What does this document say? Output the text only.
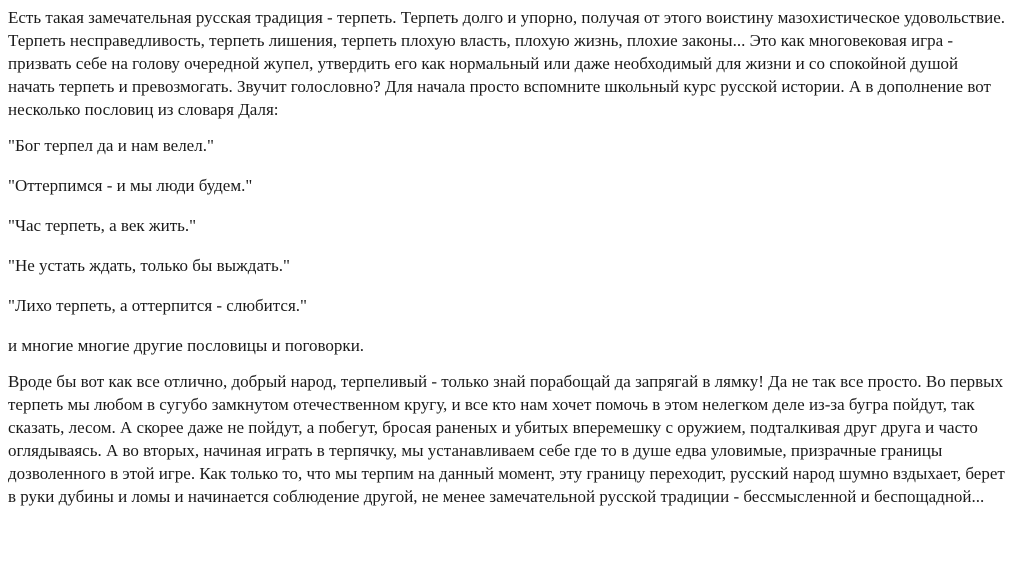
Есть такая замечательная русская традиция - терпеть. Терпеть долго и упорно, получая от этого воистину мазохистическое удовольствие. Терпеть несправедливость, терпеть лишения, терпеть плохую власть, плохую жизнь, плохие законы... Это как многовековая игра - призвать себе на голову очередной жупел, утвердить его как нормальный или даже необходимый для жизни и со спокойной душой начать терпеть и превозмогать. Звучит голословно? Для начала просто вспомните школьный курс русской истории. А в дополнение вот несколько пословиц из словаря Даля:

"Бог терпел да и нам велел."

"Оттерпимся - и мы люди будем."

"Час терпеть, а век жить."

"Не устать ждать, только бы выждать."

"Лихо терпеть, а оттерпится - слюбится."

и многие многие другие пословицы и поговорки.

Вроде бы вот как все отлично, добрый народ, терпеливый - только знай порабощай да запрягай в лямку! Да не так все просто. Во первых терпеть мы любом в сугубо замкнутом отечественном кругу, и все кто нам хочет помочь в этом нелегком деле из-за бугра пойдут, так сказать, лесом. А скорее даже не пойдут, а побегут, бросая раненых и убитых вперемешку с оружием, подталкивая друг друга и часто оглядываясь. А во вторых, начиная играть в терпячку, мы устанавливаем себе где то в душе едва уловимые, призрачные границы дозволенного в этой игре. Как только то, что мы терпим на данный момент, эту границу переходит, русский народ шумно вздыхает, берет в руки дубины и ломы и начинается соблюдение другой, не менее замечательной русской традиции - бессмысленной и беспощадной...
